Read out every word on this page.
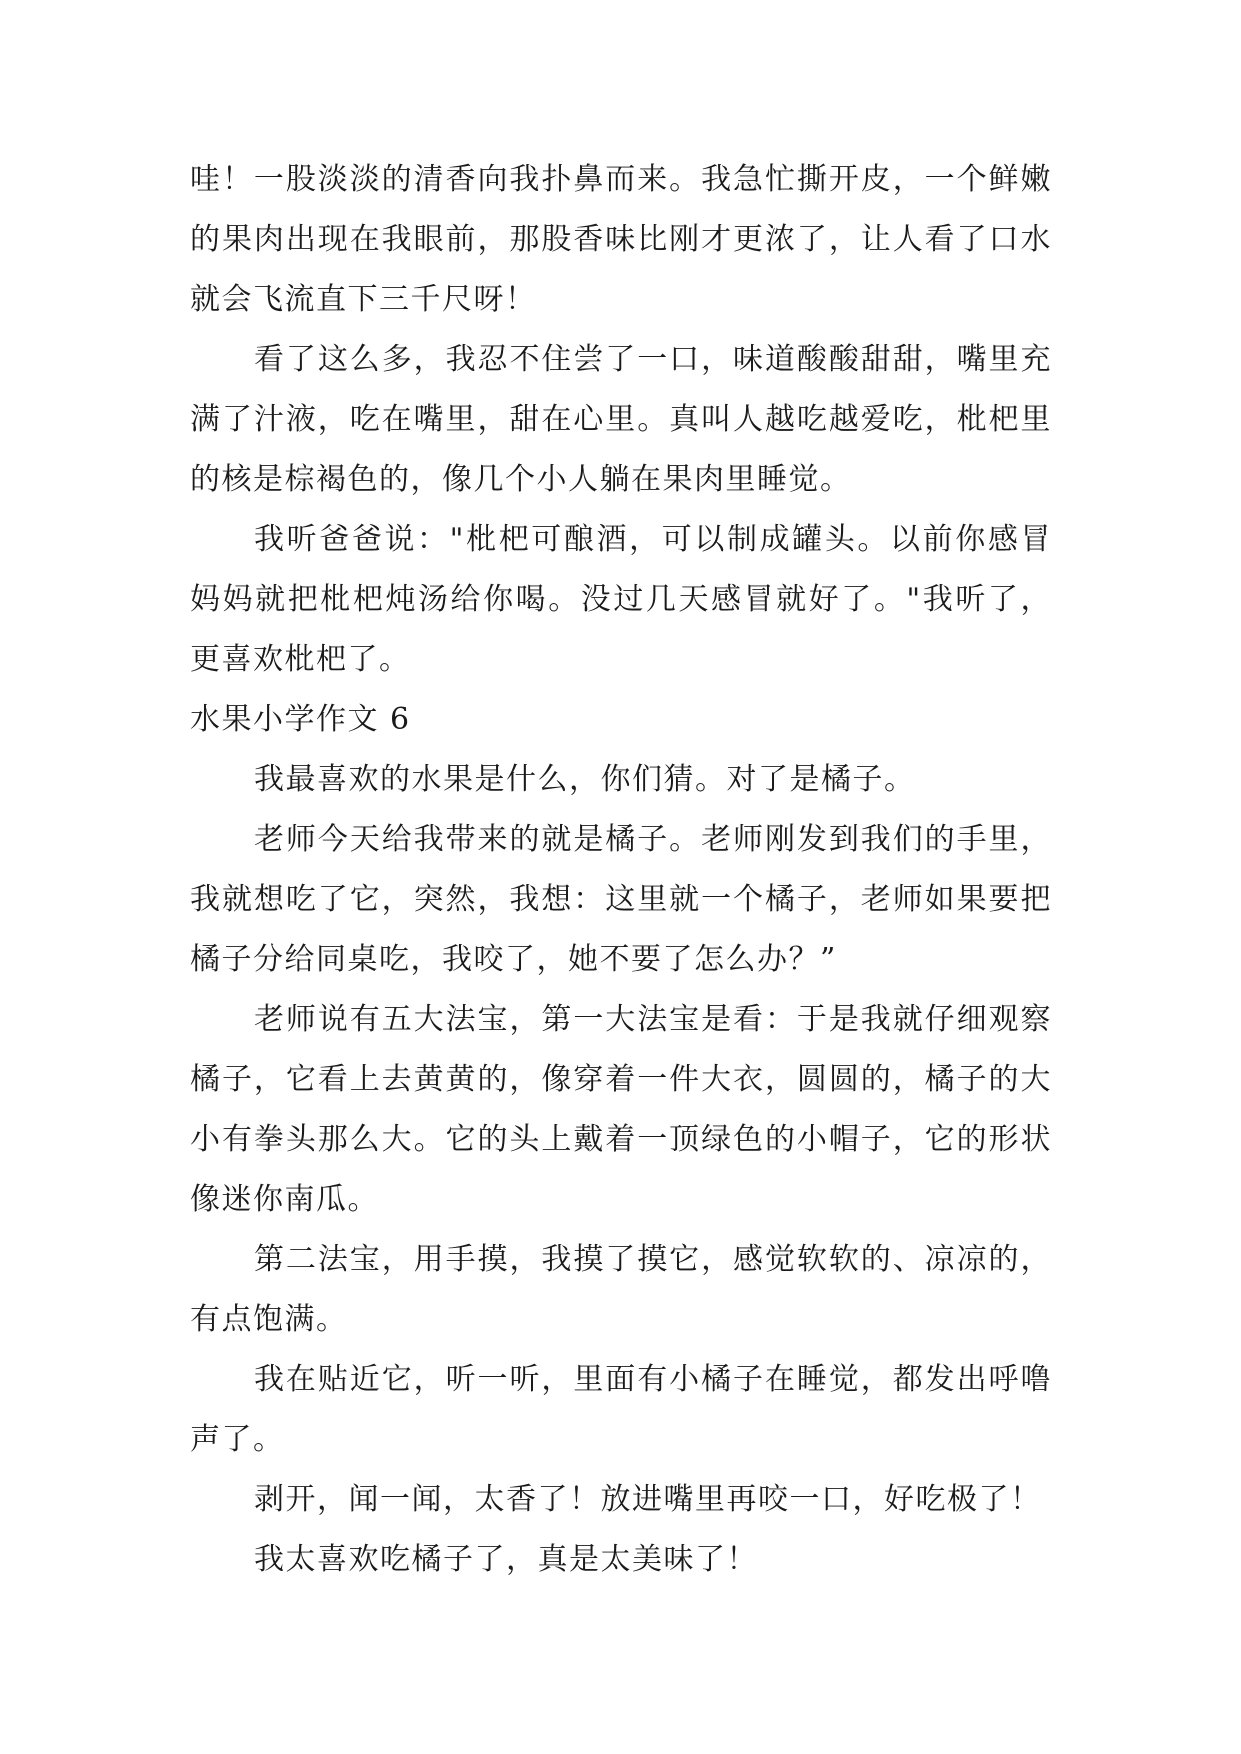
哇！一股淡淡的清香向我扑鼻而来。我急忙撕开皮，一个鲜嫩的果肉出现在我眼前，那股香味比刚才更浓了，让人看了口水就会飞流直下三千尺呀！

看了这么多，我忍不住尝了一口，味道酸酸甜甜，嘴里充满了汁液，吃在嘴里，甜在心里。真叫人越吃越爱吃，枇杷里的核是棕褐色的，像几个小人躺在果肉里睡觉。

我听爸爸说："枇杷可酿酒，可以制成罐头。以前你感冒妈妈就把枇杷炖汤给你喝。没过几天感冒就好了。"我听了，更喜欢枇杷了。

水果小学作文 6

我最喜欢的水果是什么，你们猜。对了是橘子。

老师今天给我带来的就是橘子。老师刚发到我们的手里，我就想吃了它，突然，我想：这里就一个橘子，老师如果要把橘子分给同桌吃，我咬了，她不要了怎么办？”

老师说有五大法宝，第一大法宝是看：于是我就仔细观察橘子，它看上去黄黄的，像穿着一件大衣，圆圆的，橘子的大小有拳头那么大。它的头上戴着一顶绿色的小帽子，它的形状像迷你南瓜。

第二法宝，用手摸，我摸了摸它，感觉软软的、凉凉的，有点饱满。

我在贴近它，听一听，里面有小橘子在睡觉，都发出呼噜声了。

剥开，闻一闻，太香了！放进嘴里再咬一口，好吃极了！

我太喜欢吃橘子了，真是太美味了！
